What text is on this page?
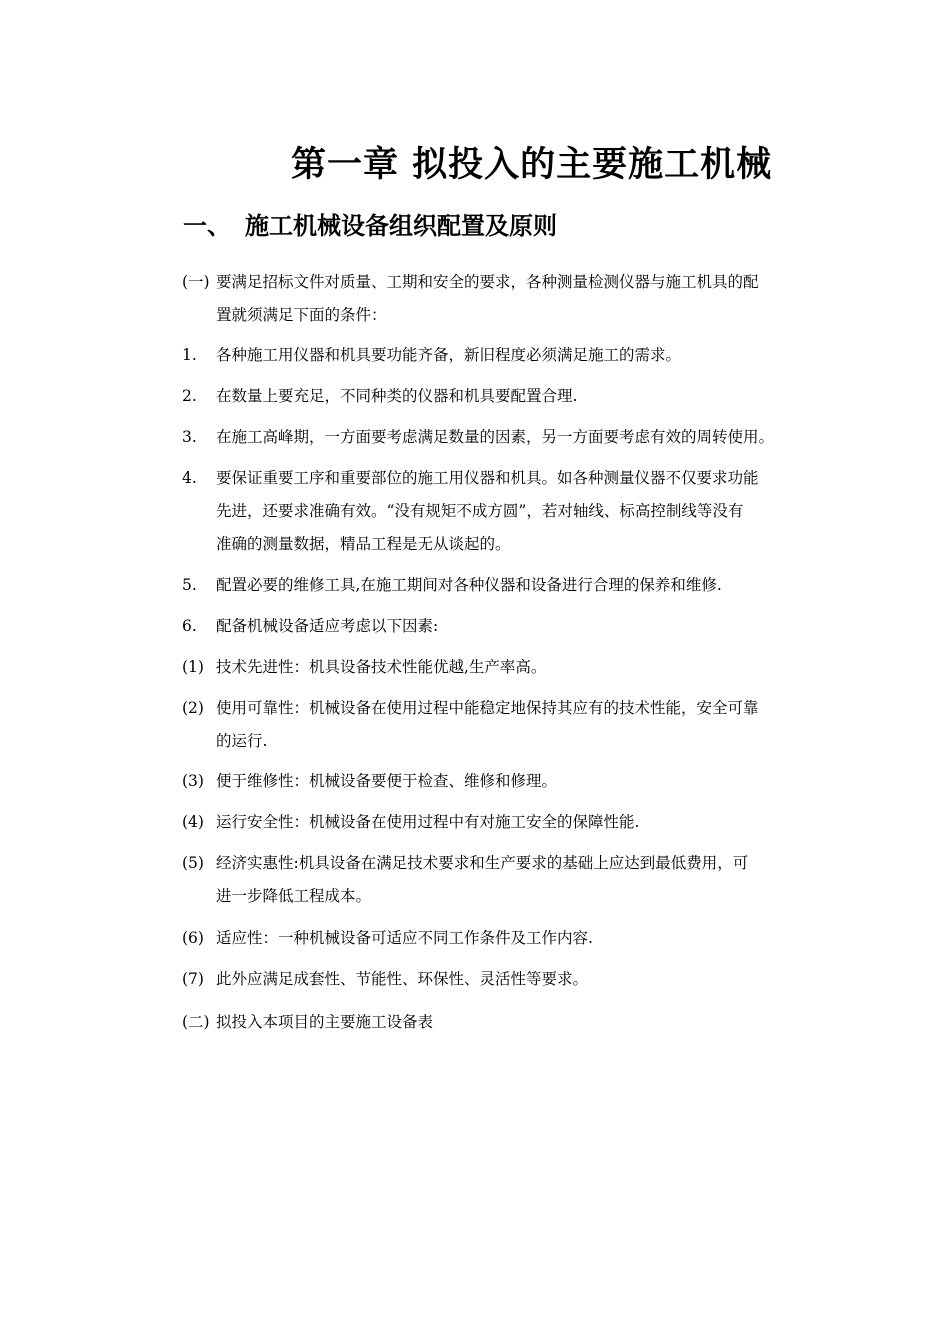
第一章 拟投入的主要施工机械
一、 施工机械设备组织配置及原则
(一) 要满足招标文件对质量、工期和安全的要求，各种测量检测仪器与施工机具的配
置就须满足下面的条件：
1. 各种施工用仪器和机具要功能齐备，新旧程度必须满足施工的需求。
2. 在数量上要充足，不同种类的仪器和机具要配置合理.
3. 在施工高峰期，一方面要考虑满足数量的因素，另一方面要考虑有效的周转使用。
4. 要保证重要工序和重要部位的施工用仪器和机具。如各种测量仪器不仅要求功能
先进，还要求准确有效。“没有规矩不成方圆”，若对轴线、标高控制线等没有
准确的测量数据，精品工程是无从谈起的。
5. 配置必要的维修工具,在施工期间对各种仪器和设备进行合理的保养和维修.
6. 配备机械设备适应考虑以下因素:
(1) 技术先进性：机具设备技术性能优越,生产率高。
(2) 使用可靠性：机械设备在使用过程中能稳定地保持其应有的技术性能，安全可靠
的运行.
(3) 便于维修性：机械设备要便于检查、维修和修理。
(4) 运行安全性：机械设备在使用过程中有对施工安全的保障性能.
(5) 经济实惠性:机具设备在满足技术要求和生产要求的基础上应达到最低费用，可
进一步降低工程成本。
(6) 适应性：一种机械设备可适应不同工作条件及工作内容.
(7) 此外应满足成套性、节能性、环保性、灵活性等要求。
(二) 拟投入本项目的主要施工设备表
